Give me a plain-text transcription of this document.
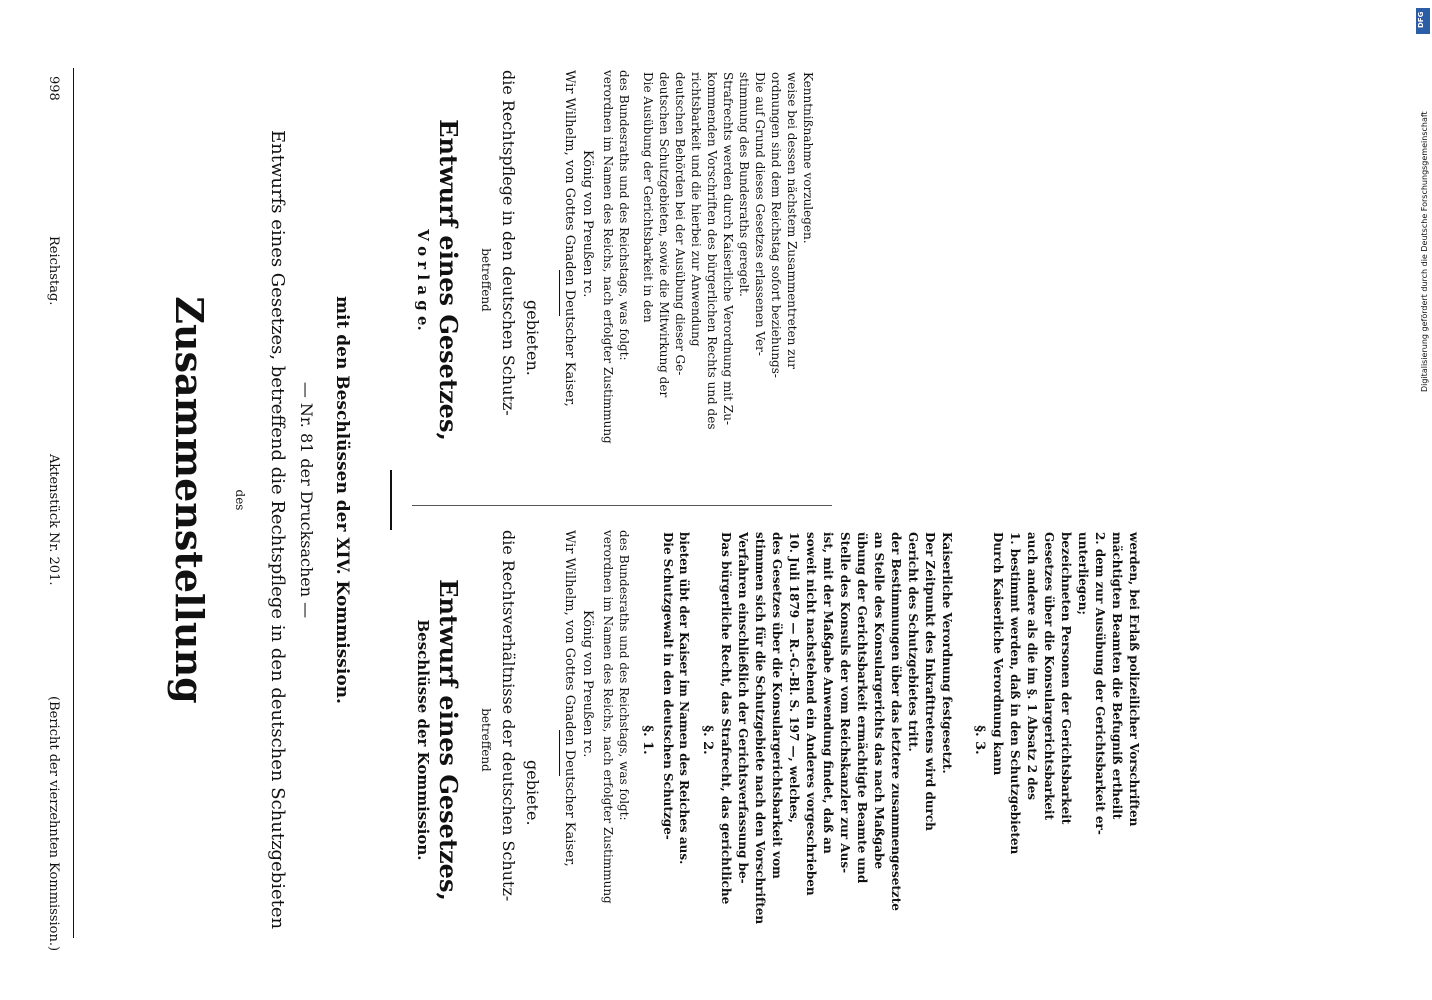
998
Reichstag.
Aktenstück Nr. 201.
(Bericht der vierzehnten Kommission.)
Zusammenstellung des Entwurfs eines Gesetzes, betreffend die Rechtspflege in den deutschen Schutzgebieten — Nr. 81 der Drucksachen — mit den Beschlüssen der XIV. Kommission.
V o r l a g e. Entwurf eines Gesetzes, betreffend die Rechtspflege in den deutschen Schutz- gebieten. Wir Wilhelm, von Gottes Gnaden Deutscher Kaiser, König von Preußen rc. verordnen im Namen des Reichs, nach erfolgter Zustimmung des Bundesraths und des Reichstags, was folgt: Die Ausübung der Gerichtsbarkeit in den deutschen Schutzgebieten, sowie die Mitwirkung der deutschen Behörden bei der Ausübung dieser Ge- richtsbarkeit und die hierbei zur Anwendung kommenden Vorschriften des bürgerlichen Rechts und des Strafrechts werden durch Kaiserliche Verordnung mit Zu- stimmung des Bundesraths geregelt. Die auf Grund dieses Gesetzes erlassenen Ver- ordnungen sind dem Reichstag sofort beziehungs- weise bei dessen nächstem Zusammentreten zur Kenntnißnahme vorzulegen.
Beschlüsse der Kommission. Entwurf eines Gesetzes, betreffend die Rechtsverhältnisse der deutschen Schutz- gebiete. Wir Wilhelm, von Gottes Gnaden Deutscher Kaiser, König von Preußen rc. verordnen im Namen des Reichs, nach erfolgter Zustimmung des Bundesraths und des Reichstags, was folgt: §. 1. Die Schutzgewalt in den deutschen Schutzge- bieten übt der Kaiser im Namen des Reiches aus. §. 2. Das bürgerliche Recht, das Strafrecht, das gerichtliche Verfahren einschließlich der Gerichtsverfassung be- stimmen sich für die Schutzgebiete nach den Vorschriften des Gesetzes über die Konsulargerichtsbarkeit vom 10. Juli 1879 — R.-G.-Bl. S. 197 —, welches, soweit nicht nachstehend ein Anderes vorgeschrieben ist, mit der Maßgabe Anwendung findet, daß an Stelle des Konsuls der vom Reichskanzler zur Aus- übung der Gerichtsbarkeit ermächtigte Beamte und an Stelle des Konsulargerichts das nach Maßgabe der Bestimmungen über das letztere zusammengesetzte Gericht des Schutzgebietes tritt. Der Zeitpunkt des Inkrafttretens wird durch Kaiserliche Verordnung festgesetzt. §. 3. Durch Kaiserliche Verordnung kann 1. bestimmt werden, daß in den Schutzgebieten auch andere als die im §. 1 Absatz 2 des Gesetzes über die Konsulargerichtsbarkeit bezeichneten Personen der Gerichtsbarkeit unterliegen; 2. dem zur Ausübung der Gerichtsbarkeit er- mächtigten Beamten die Befugniß ertheilt werden, bei Erlaß polizeilicher Vorschriften
Digitalisierung gefördert durch die Deutsche Forschungsgemeinschaft
DFG
